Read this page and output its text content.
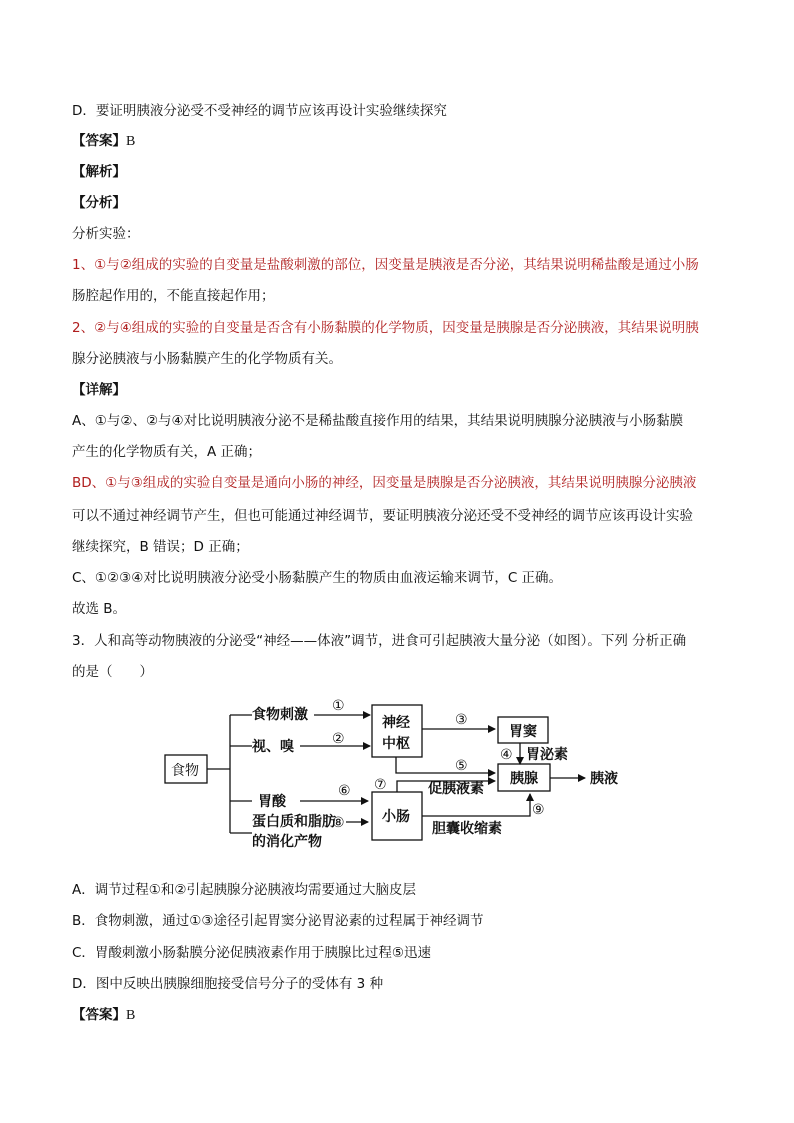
D．要证明胰液分泌受不受神经的调节应该再设计实验继续探究
【答案】B
【解析】
【分析】
分析实验：
1、①与②组成的实验的自变量是盐酸刺激的部位，因变量是胰液是否分泌，其结果说明稀盐酸是通过小肠
肠腔起作用的，不能直接起作用；
2、②与④组成的实验的自变量是否含有小肠黏膜的化学物质，因变量是胰腺是否分泌胰液，其结果说明胰
腺分泌胰液与小肠黏膜产生的化学物质有关。
【详解】
A、①与②、②与④对比说明胰液分泌不是稀盐酸直接作用的结果，其结果说明胰腺分泌胰液与小肠黏膜
产生的化学物质有关，A 正确；
BD、①与③组成的实验自变量是通向小肠的神经，因变量是胰腺是否分泌胰液，其结果说明胰腺分泌胰液
可以不通过神经调节产生，但也可能通过神经调节，要证明胰液分泌还受不受神经的调节应该再设计实验
继续探究，B 错误；D 正确；
C、①②③④对比说明胰液分泌受小肠黏膜产生的物质由血液运输来调节，C 正确。
故选 B。
3．人和高等动物胰液的分泌受“神经——体液”调节，进食可引起胰液大量分泌（如图）。下列 分析正确
的是（　　）
食物
食物刺激
视、嗅
胃酸
蛋白质和脂肪
的消化产物
①
②
神经
中枢
③
胃窦
④ 胃泌素
⑤
胰腺	胰液
⑥
⑧	小肠
⑦	促胰液素
⑨
胆囊收缩素
A．调节过程①和②引起胰腺分泌胰液均需要通过大脑皮层
B．食物刺激，通过①③途径引起胃窦分泌胃泌素的过程属于神经调节
C．胃酸刺激小肠黏膜分泌促胰液素作用于胰腺比过程⑤迅速
D．图中反映出胰腺细胞接受信号分子的受体有 3 种
【答案】B
